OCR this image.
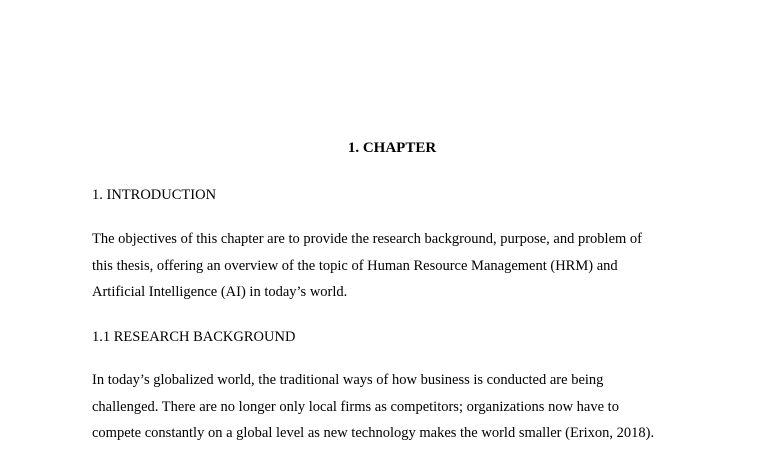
1. CHAPTER
1. INTRODUCTION
The objectives of this chapter are to provide the research background, purpose, and problem of
this thesis, offering an overview of the topic of Human Resource Management (HRM) and
Artificial Intelligence (AI) in today’s world.
1.1 RESEARCH BACKGROUND
In today’s globalized world, the traditional ways of how business is conducted are being
challenged. There are no longer only local firms as competitors; organizations now have to
compete constantly on a global level as new technology makes the world smaller (Erixon, 2018).
